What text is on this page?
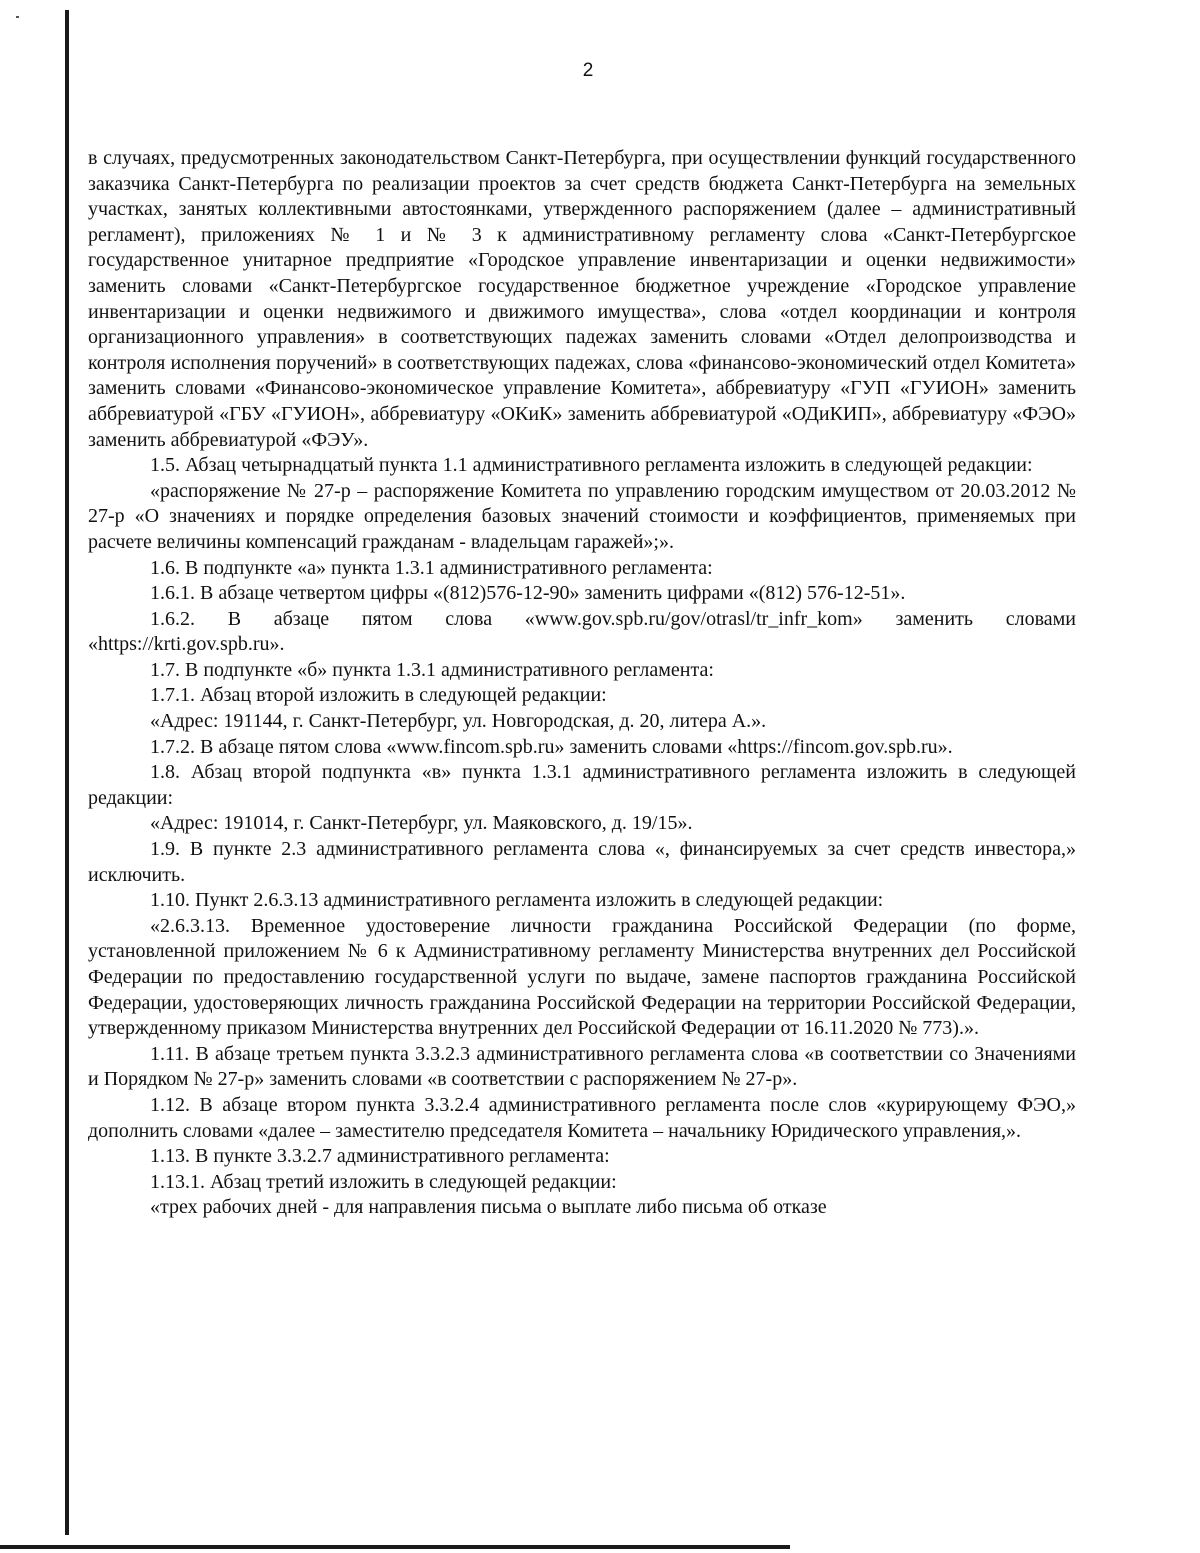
2

в случаях, предусмотренных законодательством Санкт-Петербурга, при осуществлении функций государственного заказчика Санкт-Петербурга по реализации проектов за счет средств бюджета Санкт-Петербурга на земельных участках, занятых коллективными автостоянками, утвержденного распоряжением (далее – административный регламент), приложениях № 1 и № 3 к административному регламенту слова «Санкт-Петербургское государственное унитарное предприятие «Городское управление инвентаризации и оценки недвижимости» заменить словами «Санкт-Петербургское государственное бюджетное учреждение «Городское управление инвентаризации и оценки недвижимого и движимого имущества», слова «отдел координации и контроля организационного управления» в соответствующих падежах заменить словами «Отдел делопроизводства и контроля исполнения поручений» в соответствующих падежах, слова «финансово-экономический отдел Комитета» заменить словами «Финансово-экономическое управление Комитета», аббревиатуру «ГУП «ГУИОН» заменить аббревиатурой «ГБУ «ГУИОН», аббревиатуру «ОКиК» заменить аббревиатурой «ОДиКИП», аббревиатуру «ФЭО» заменить аббревиатурой «ФЭУ».

1.5. Абзац четырнадцатый пункта 1.1 административного регламента изложить в следующей редакции:

«распоряжение № 27-р – распоряжение Комитета по управлению городским имуществом от 20.03.2012 № 27-р «О значениях и порядке определения базовых значений стоимости и коэффициентов, применяемых при расчете величины компенсаций гражданам - владельцам гаражей»;».

1.6. В подпункте «а» пункта 1.3.1 административного регламента:

1.6.1. В абзаце четвертом цифры «(812)576-12-90» заменить цифрами «(812) 576-12-51».

1.6.2. В абзаце пятом слова «www.gov.spb.ru/gov/otrasl/tr_infr_kom» заменить словами «https://krti.gov.spb.ru».

1.7. В подпункте «б» пункта 1.3.1 административного регламента:

1.7.1. Абзац второй изложить в следующей редакции:

«Адрес: 191144, г. Санкт-Петербург, ул. Новгородская, д. 20, литера А.».

1.7.2. В абзаце пятом слова «www.fincom.spb.ru» заменить словами «https://fincom.gov.spb.ru».

1.8. Абзац второй подпункта «в» пункта 1.3.1 административного регламента изложить в следующей редакции:

«Адрес: 191014, г. Санкт-Петербург, ул. Маяковского, д. 19/15».

1.9. В пункте 2.3 административного регламента слова «, финансируемых за счет средств инвестора,» исключить.

1.10. Пункт 2.6.3.13 административного регламента изложить в следующей редакции:

«2.6.3.13. Временное удостоверение личности гражданина Российской Федерации (по форме, установленной приложением № 6 к Административному регламенту Министерства внутренних дел Российской Федерации по предоставлению государственной услуги по выдаче, замене паспортов гражданина Российской Федерации, удостоверяющих личность гражданина Российской Федерации на территории Российской Федерации, утвержденному приказом Министерства внутренних дел Российской Федерации от 16.11.2020 № 773).».

1.11. В абзаце третьем пункта 3.3.2.3 административного регламента слова «в соответствии со Значениями и Порядком № 27-р» заменить словами «в соответствии с распоряжением № 27-р».

1.12. В абзаце втором пункта 3.3.2.4 административного регламента после слов «курирующему ФЭО,» дополнить словами «далее – заместителю председателя Комитета – начальнику Юридического управления,».

1.13. В пункте 3.3.2.7 административного регламента:

1.13.1. Абзац третий изложить в следующей редакции:

«трех рабочих дней - для направления письма о выплате либо письма об отказе
